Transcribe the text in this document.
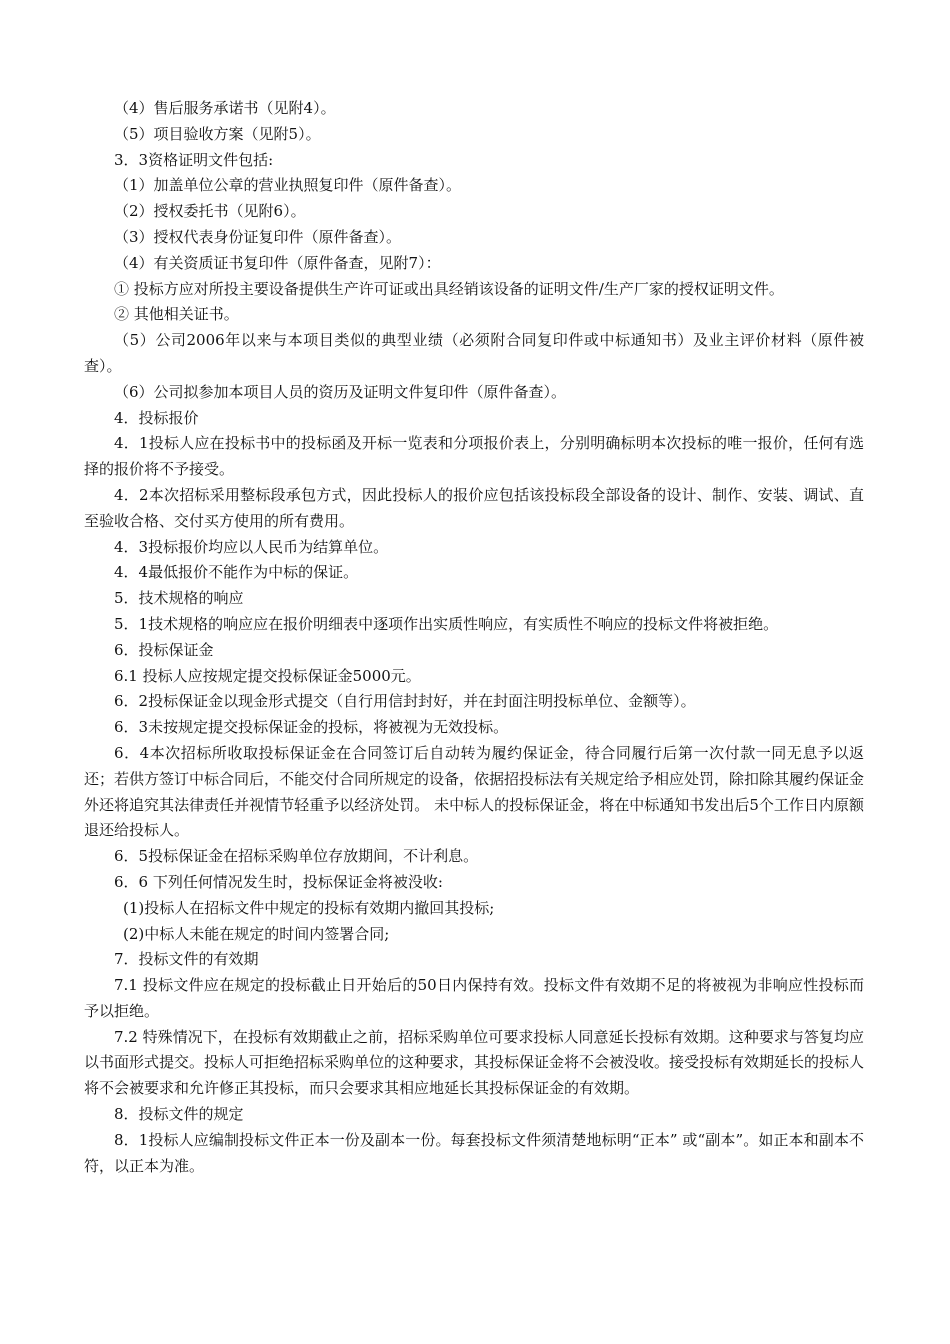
（4）售后服务承诺书（见附4）。

（5）项目验收方案（见附5）。

3．3资格证明文件包括:

（1）加盖单位公章的营业执照复印件（原件备查）。

（2）授权委托书（见附6）。

（3）授权代表身份证复印件（原件备查）。

（4）有关资质证书复印件（原件备查，见附7）：

① 投标方应对所投主要设备提供生产许可证或出具经销该设备的证明文件/生产厂家的授权证明文件。

② 其他相关证书。

（5）公司2006年以来与本项目类似的典型业绩（必须附合同复印件或中标通知书）及业主评价材料（原件被查）。

（6）公司拟参加本项目人员的资历及证明文件复印件（原件备查）。

4．投标报价

4．1投标人应在投标书中的投标函及开标一览表和分项报价表上，分别明确标明本次投标的唯一报价，任何有选择的报价将不予接受。

4．2本次招标采用整标段承包方式，因此投标人的报价应包括该投标段全部设备的设计、制作、安装、调试、直至验收合格、交付买方使用的所有费用。

4．3投标报价均应以人民币为结算单位。

4．4最低报价不能作为中标的保证。

5．技术规格的响应

5．1技术规格的响应应在报价明细表中逐项作出实质性响应，有实质性不响应的投标文件将被拒绝。

6．投标保证金

6.1 投标人应按规定提交投标保证金5000元。

6．2投标保证金以现金形式提交（自行用信封封好，并在封面注明投标单位、金额等）。

6．3未按规定提交投标保证金的投标，将被视为无效投标。

6．4本次招标所收取投标保证金在合同签订后自动转为履约保证金，待合同履行后第一次付款一同无息予以返还；若供方签订中标合同后，不能交付合同所规定的设备，依据招投标法有关规定给予相应处罚，除扣除其履约保证金外还将追究其法律责任并视情节轻重予以经济处罚。 未中标人的投标保证金，将在中标通知书发出后5个工作日内原额退还给投标人。

6．5投标保证金在招标采购单位存放期间，不计利息。

6．6 下列任何情况发生时，投标保证金将被没收:

(1)投标人在招标文件中规定的投标有效期内撤回其投标;

(2)中标人未能在规定的时间内签署合同;

7．投标文件的有效期

7.1 投标文件应在规定的投标截止日开始后的50日内保持有效。投标文件有效期不足的将被视为非响应性投标而予以拒绝。

7.2 特殊情况下，在投标有效期截止之前，招标采购单位可要求投标人同意延长投标有效期。这种要求与答复均应以书面形式提交。投标人可拒绝招标采购单位的这种要求，其投标保证金将不会被没收。接受投标有效期延长的投标人将不会被要求和允许修正其投标，而只会要求其相应地延长其投标保证金的有效期。

8．投标文件的规定

8．1投标人应编制投标文件正本一份及副本一份。每套投标文件须清楚地标明“正本” 或“副本”。如正本和副本不符，以正本为准。
